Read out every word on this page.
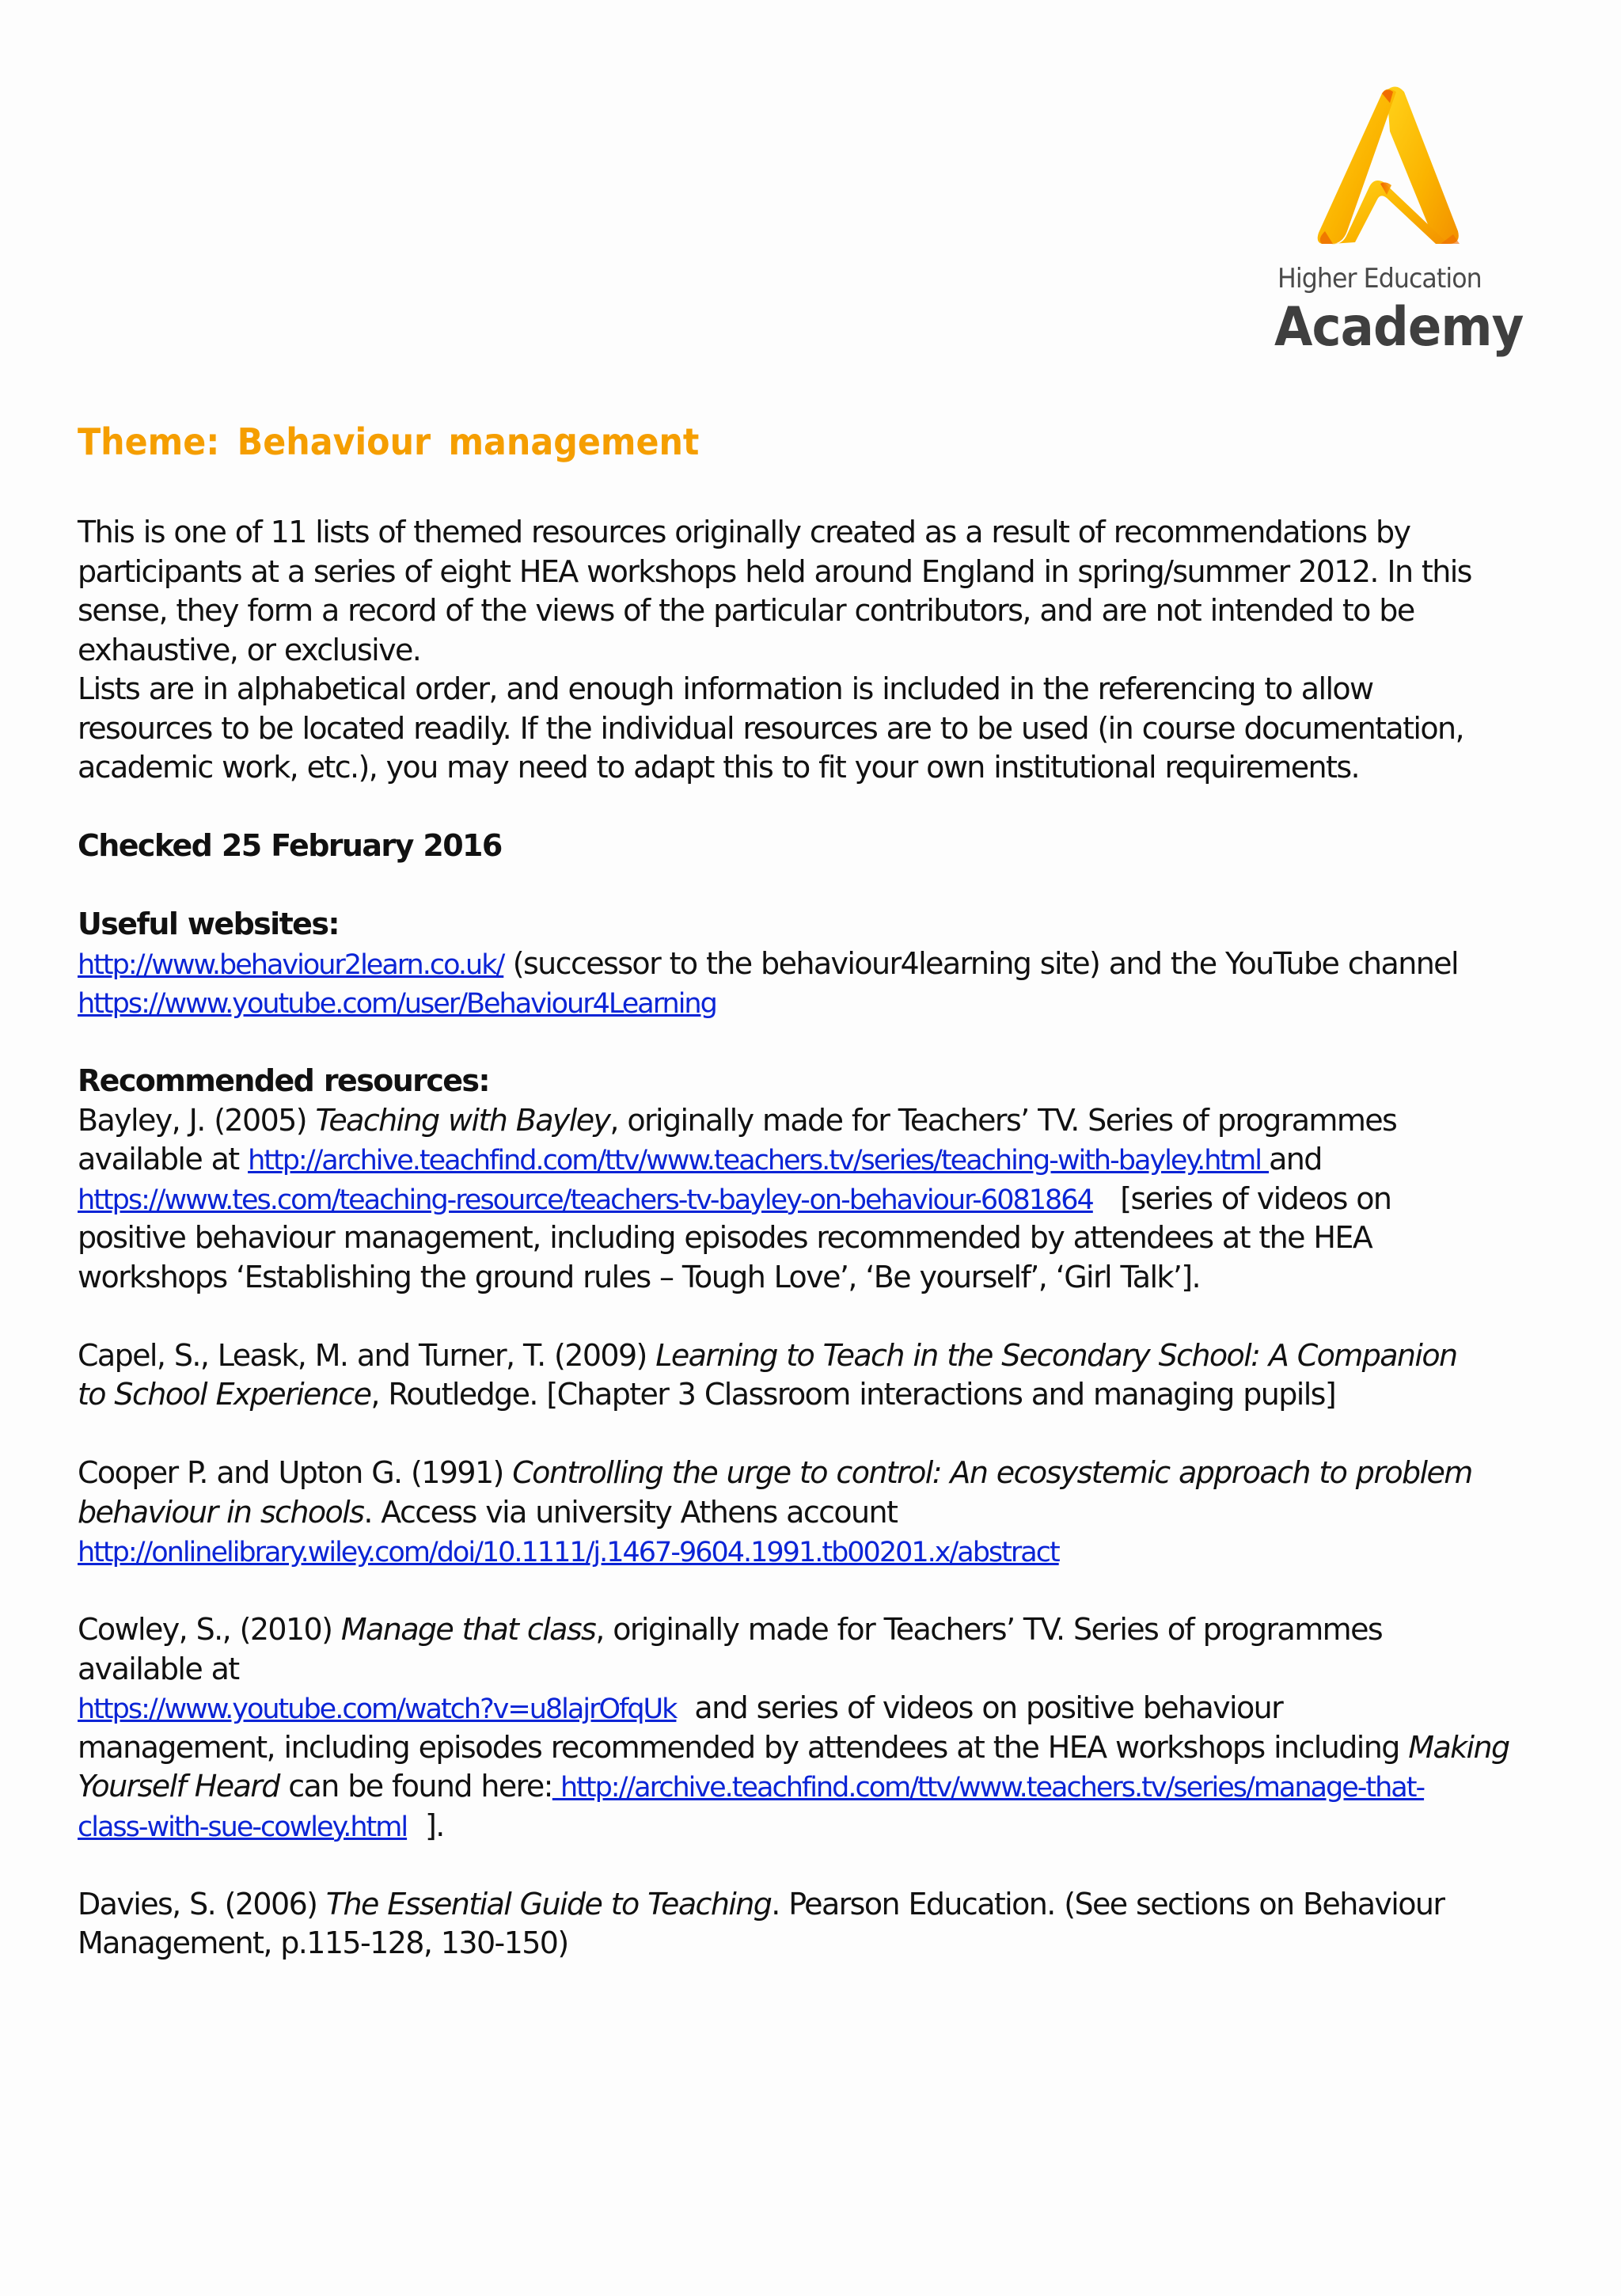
Higher Education
Academy
Theme: Behaviour management
This is one of 11 lists of themed resources originally created as a result of recommendations by
participants at a series of eight HEA workshops held around England in spring/summer 2012. In this
sense, they form a record of the views of the particular contributors, and are not intended to be
exhaustive, or exclusive.
Lists are in alphabetical order, and enough information is included in the referencing to allow
resources to be located readily. If the individual resources are to be used (in course documentation,
academic work, etc.), you may need to adapt this to fit your own institutional requirements.
Checked 25 February 2016
Useful websites:
http://www.behaviour2learn.co.uk/ (successor to the behaviour4learning site) and the YouTube channel
https://www.youtube.com/user/Behaviour4Learning
Recommended resources:
Bayley, J. (2005) Teaching with Bayley, originally made for Teachers’ TV. Series of programmes
available at http://archive.teachfind.com/ttv/www.teachers.tv/series/teaching-with-bayley.html and
https://www.tes.com/teaching-resource/teachers-tv-bayley-on-behaviour-6081864   [series of videos on
positive behaviour management, including episodes recommended by attendees at the HEA
workshops ‘Establishing the ground rules – Tough Love’, ‘Be yourself’, ‘Girl Talk’].
Capel, S., Leask, M. and Turner, T. (2009) Learning to Teach in the Secondary School: A Companion
to School Experience, Routledge. [Chapter 3 Classroom interactions and managing pupils]
Cooper P. and Upton G. (1991) Controlling the urge to control: An ecosystemic approach to problem
behaviour in schools. Access via university Athens account
http://onlinelibrary.wiley.com/doi/10.1111/j.1467-9604.1991.tb00201.x/abstract
Cowley, S., (2010) Manage that class, originally made for Teachers’ TV. Series of programmes
available at
https://www.youtube.com/watch?v=u8lajrOfqUk  and series of videos on positive behaviour
management, including episodes recommended by attendees at the HEA workshops including Making
Yourself Heard can be found here: http://archive.teachfind.com/ttv/www.teachers.tv/series/manage-that-
class-with-sue-cowley.html  ].
Davies, S. (2006) The Essential Guide to Teaching. Pearson Education. (See sections on Behaviour
Management, p.115-128, 130-150)
